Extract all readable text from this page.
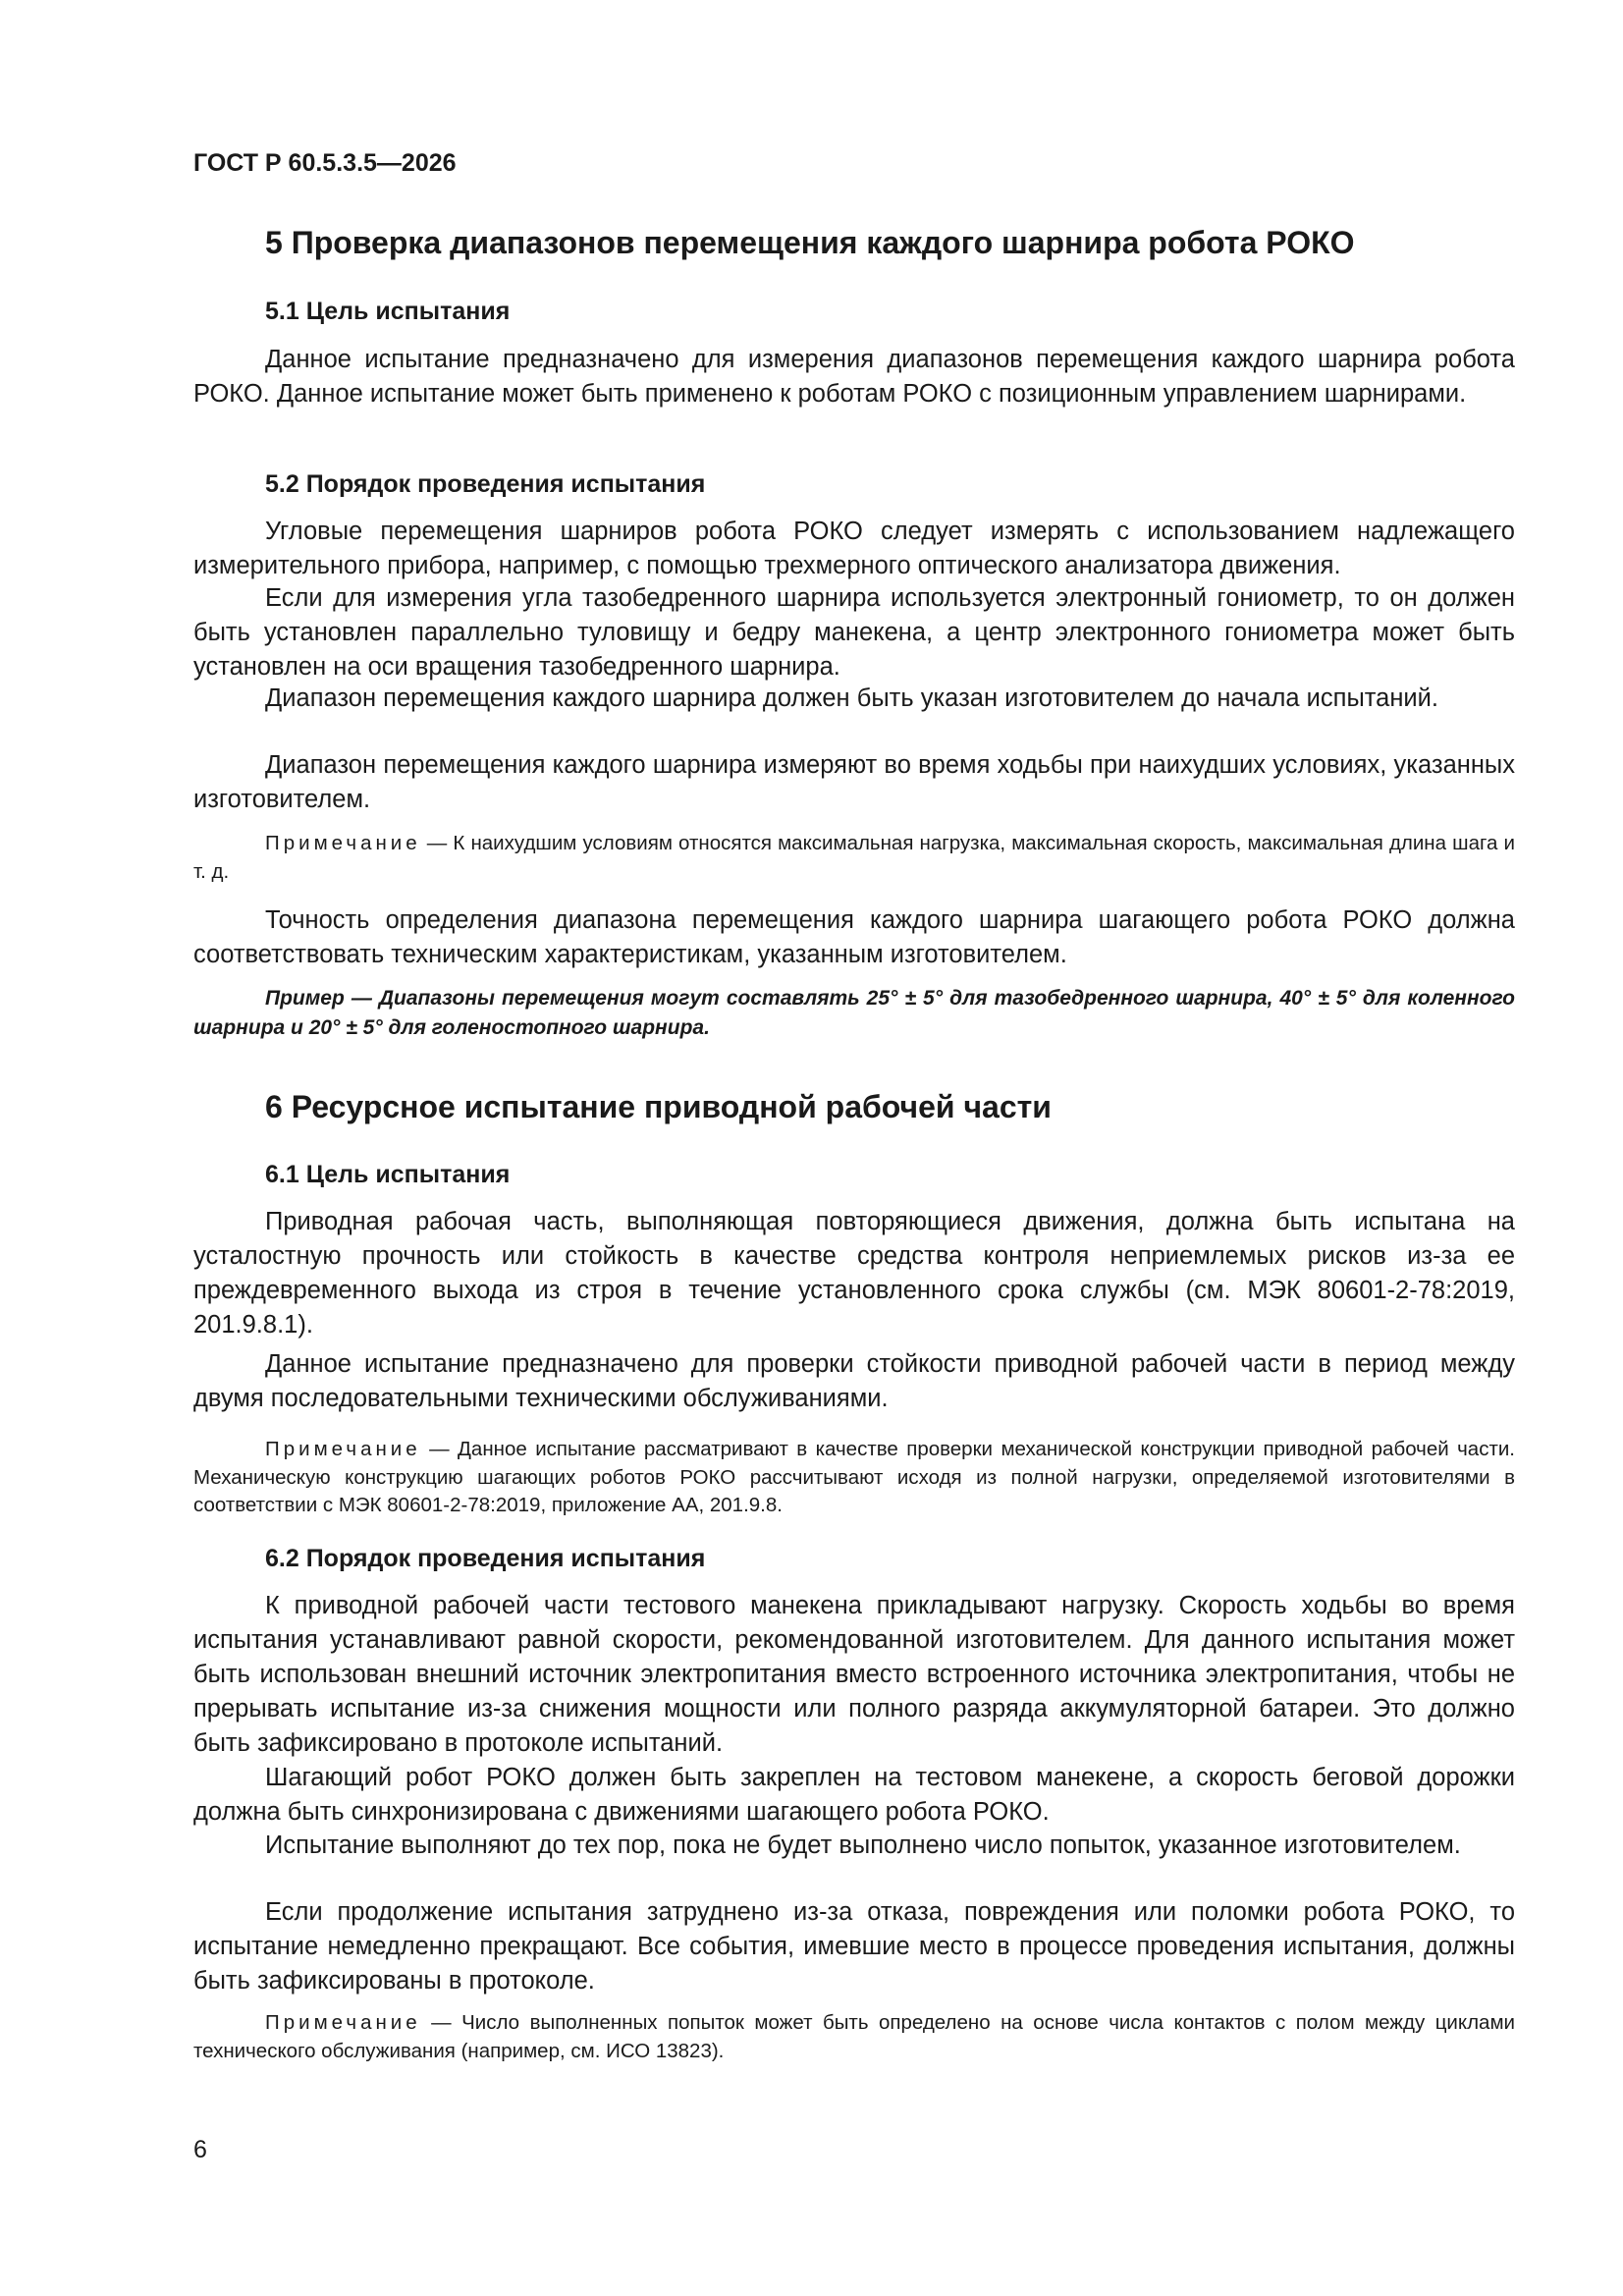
ГОСТ Р 60.5.3.5—2026
5 Проверка диапазонов перемещения каждого шарнира робота РОКО
5.1 Цель испытания

Данное испытание предназначено для измерения диапазонов перемещения каждого шарнира робота РОКО. Данное испытание может быть применено к роботам РОКО с позиционным управлением шарнирами.

5.2 Порядок проведения испытания

Угловые перемещения шарниров робота РОКО следует измерять с использованием надлежащего измерительного прибора, например, с помощью трехмерного оптического анализатора движения.

Если для измерения угла тазобедренного шарнира используется электронный гониометр, то он должен быть установлен параллельно туловищу и бедру манекена, а центр электронного гониометра может быть установлен на оси вращения тазобедренного шарнира.

Диапазон перемещения каждого шарнира должен быть указан изготовителем до начала испытаний.

Диапазон перемещения каждого шарнира измеряют во время ходьбы при наихудших условиях, указанных изготовителем.

Примечание — К наихудшим условиям относятся максимальная нагрузка, максимальная скорость, максимальная длина шага и т. д.

Точность определения диапазона перемещения каждого шарнира шагающего робота РОКО должна соответствовать техническим характеристикам, указанным изготовителем.

Пример — Диапазоны перемещения могут составлять 25° ± 5° для тазобедренного шарнира, 40° ± 5° для коленного шарнира и 20° ± 5° для голеностопного шарнира.

6 Ресурсное испытание приводной рабочей части
6.1 Цель испытания

Приводная рабочая часть, выполняющая повторяющиеся движения, должна быть испытана на усталостную прочность или стойкость в качестве средства контроля неприемлемых рисков из-за ее преждевременного выхода из строя в течение установленного срока службы (см. МЭК 80601-2-78:2019, 201.9.8.1).

Данное испытание предназначено для проверки стойкости приводной рабочей части в период между двумя последовательными техническими обслуживаниями.

Примечание — Данное испытание рассматривают в качестве проверки механической конструкции приводной рабочей части. Механическую конструкцию шагающих роботов РОКО рассчитывают исходя из полной нагрузки, определяемой изготовителями в соответствии с МЭК 80601-2-78:2019, приложение АА, 201.9.8.

6.2 Порядок проведения испытания

К приводной рабочей части тестового манекена прикладывают нагрузку. Скорость ходьбы во время испытания устанавливают равной скорости, рекомендованной изготовителем. Для данного испытания может быть использован внешний источник электропитания вместо встроенного источника электропитания, чтобы не прерывать испытание из-за снижения мощности или полного разряда аккумуляторной батареи. Это должно быть зафиксировано в протоколе испытаний.

Шагающий робот РОКО должен быть закреплен на тестовом манекене, а скорость беговой дорожки должна быть синхронизирована с движениями шагающего робота РОКО.

Испытание выполняют до тех пор, пока не будет выполнено число попыток, указанное изготовителем.

Если продолжение испытания затруднено из-за отказа, повреждения или поломки робота РОКО, то испытание немедленно прекращают. Все события, имевшие место в процессе проведения испытания, должны быть зафиксированы в протоколе.

Примечание — Число выполненных попыток может быть определено на основе числа контактов с полом между циклами технического обслуживания (например, см. ИСО 13823).

6
